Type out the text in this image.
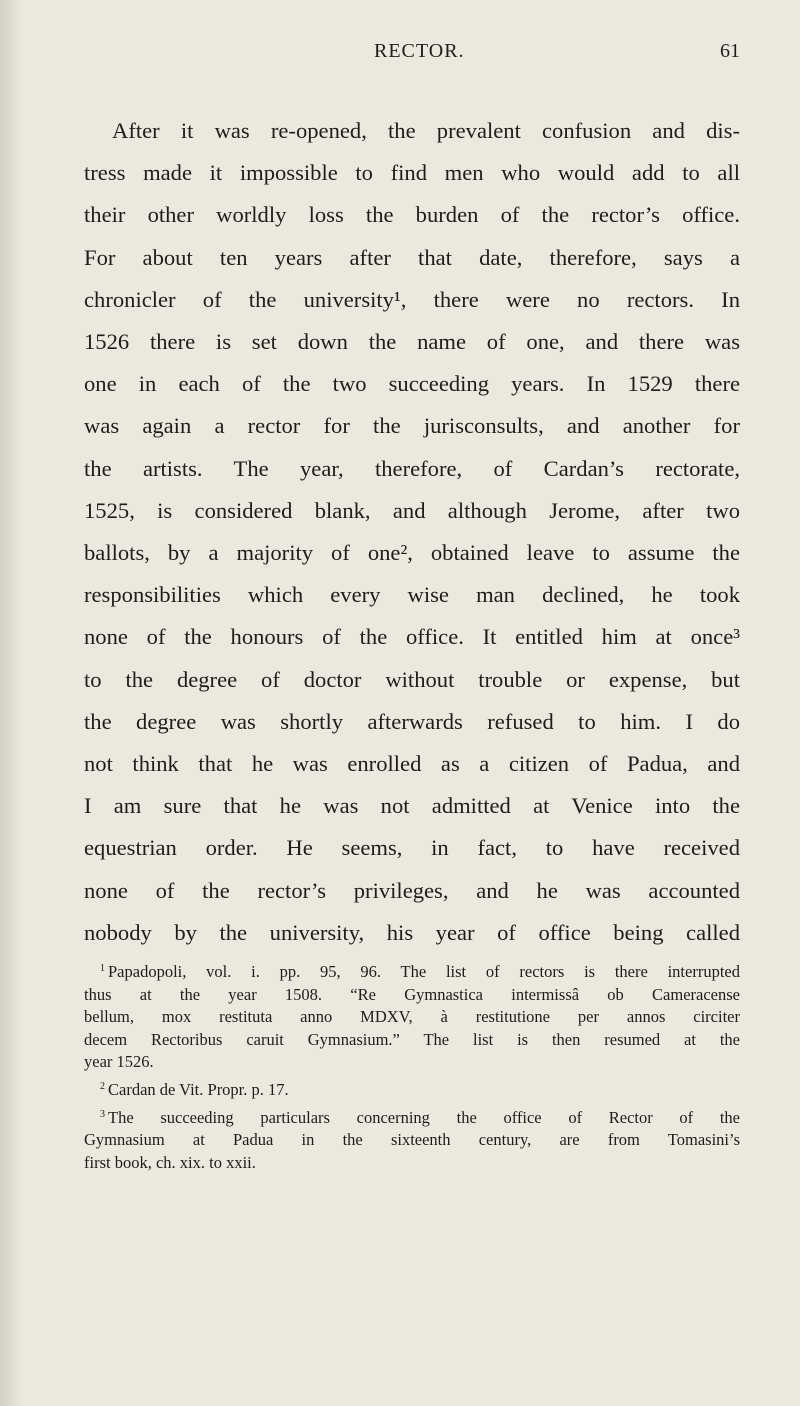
RECTOR.	61
After it was re-opened, the prevalent confusion and dis-
tress made it impossible to find men who would add to all
their other worldly loss the burden of the rector’s office.
For about ten years after that date, therefore, says a
chronicler of the university¹, there were no rectors. In
1526 there is set down the name of one, and there was
one in each of the two succeeding years. In 1529 there
was again a rector for the jurisconsults, and another for
the artists. The year, therefore, of Cardan’s rectorate,
1525, is considered blank, and although Jerome, after two
ballots, by a majority of one², obtained leave to assume the
responsibilities which every wise man declined, he took
none of the honours of the office. It entitled him at once³
to the degree of doctor without trouble or expense, but
the degree was shortly afterwards refused to him. I do
not think that he was enrolled as a citizen of Padua, and
I am sure that he was not admitted at Venice into the
equestrian order. He seems, in fact, to have received
none of the rector’s privileges, and he was accounted
nobody by the university, his year of office being called
$^1$ Papadopoli, vol. i. pp. 95, 96. The list of rectors is there interrupted
thus at the year 1508. “Re Gymnastica intermissâ ob Cameracense
bellum, mox restituta anno MDXV, à restitutione per annos circiter
decem Rectoribus caruit Gymnasium.” The list is then resumed at the
year 1526.
$^2$ Cardan de Vit. Propr. p. 17.
$^3$ The succeeding particulars concerning the office of Rector of the
Gymnasium at Padua in the sixteenth century, are from Tomasini’s
first book, ch. xix. to xxii.
